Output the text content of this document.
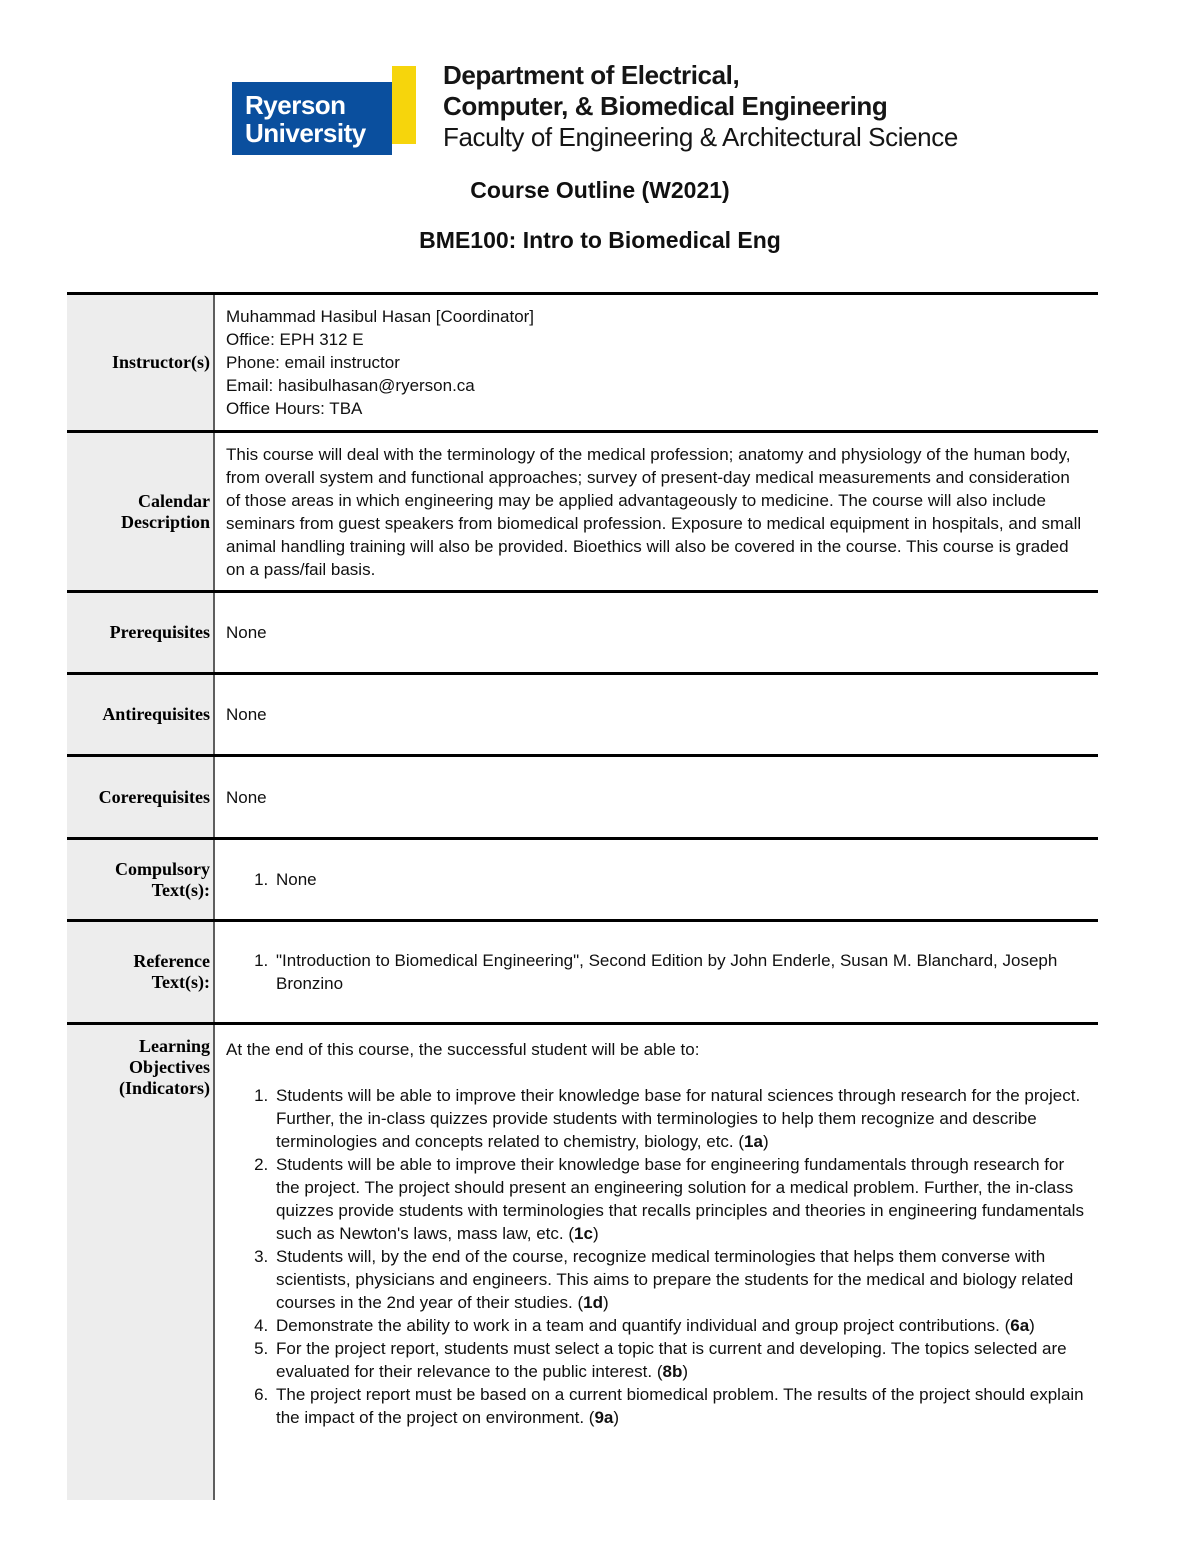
Ryerson
University
Department of Electrical,
Computer, & Biomedical Engineering
Faculty of Engineering & Architectural Science
Course Outline (W2021)
BME100: Intro to Biomedical Eng
Instructor(s)
Muhammad Hasibul Hasan [Coordinator]
Office: EPH 312 E
Phone: email instructor
Email: hasibulhasan@ryerson.ca
Office Hours: TBA
Calendar Description
This course will deal with the terminology of the medical profession; anatomy and physiology of the human body, from overall system and functional approaches; survey of present-day medical measurements and consideration of those areas in which engineering may be applied advantageously to medicine. The course will also include seminars from guest speakers from biomedical profession. Exposure to medical equipment in hospitals, and small animal handling training will also be provided. Bioethics will also be covered in the course. This course is graded on a pass/fail basis.
Prerequisites None
Antirequisites None
Corerequisites None
Compulsory Text(s):	1. None
Reference Text(s):
1. "Introduction to Biomedical Engineering", Second Edition by John Enderle, Susan M. Blanchard, Joseph Bronzino
Learning Objectives (Indicators)
At the end of this course, the successful student will be able to:
1. Students will be able to improve their knowledge base for natural sciences through research for the project. Further, the in-class quizzes provide students with terminologies to help them recognize and describe terminologies and concepts related to chemistry, biology, etc. (1a)
2. Students will be able to improve their knowledge base for engineering fundamentals through research for the project. The project should present an engineering solution for a medical problem. Further, the in-class quizzes provide students with terminologies that recalls principles and theories in engineering fundamentals such as Newton's laws, mass law, etc. (1c)
3. Students will, by the end of the course, recognize medical terminologies that helps them converse with scientists, physicians and engineers. This aims to prepare the students for the medical and biology related courses in the 2nd year of their studies. (1d)
4. Demonstrate the ability to work in a team and quantify individual and group project contributions. (6a)
5. For the project report, students must select a topic that is current and developing. The topics selected are evaluated for their relevance to the public interest. (8b)
6. The project report must be based on a current biomedical problem. The results of the project should explain the impact of the project on environment. (9a)
